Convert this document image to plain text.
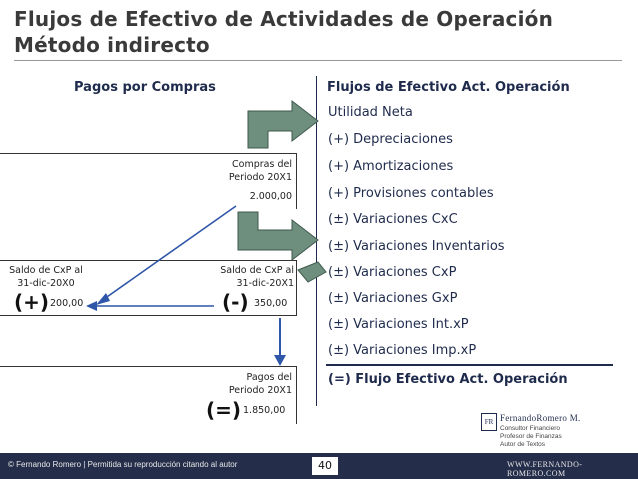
Flujos de Efectivo de Actividades de Operación
Método indirecto
Pagos por Compras	Flujos de Efectivo Act. Operación
Utilidad Neta
(+) Depreciaciones
(+) Amortizaciones
(+) Provisiones contables
(±) Variaciones CxC
(±) Variaciones Inventarios
(±) Variaciones CxP
(±) Variaciones GxP
(±) Variaciones Int.xP
(±) Variaciones Imp.xP
(=) Flujo Efectivo Act. Operación
Compras del
Periodo 20X1
2.000,00
Saldo de CxP al
31-dic-20X0
(+) 200,00
Saldo de CxP al
31-dic-20X1
(-) 350,00
Pagos del
Periodo 20X1
(=) 1.850,00
FR FernandoRomero M.
Consultor Financiero
Profesor de Finanzas
Autor de Textos
© Fernando Romero | Permitida su reproducción citando al autor	40	WWW.FERNANDO-ROMERO.COM
